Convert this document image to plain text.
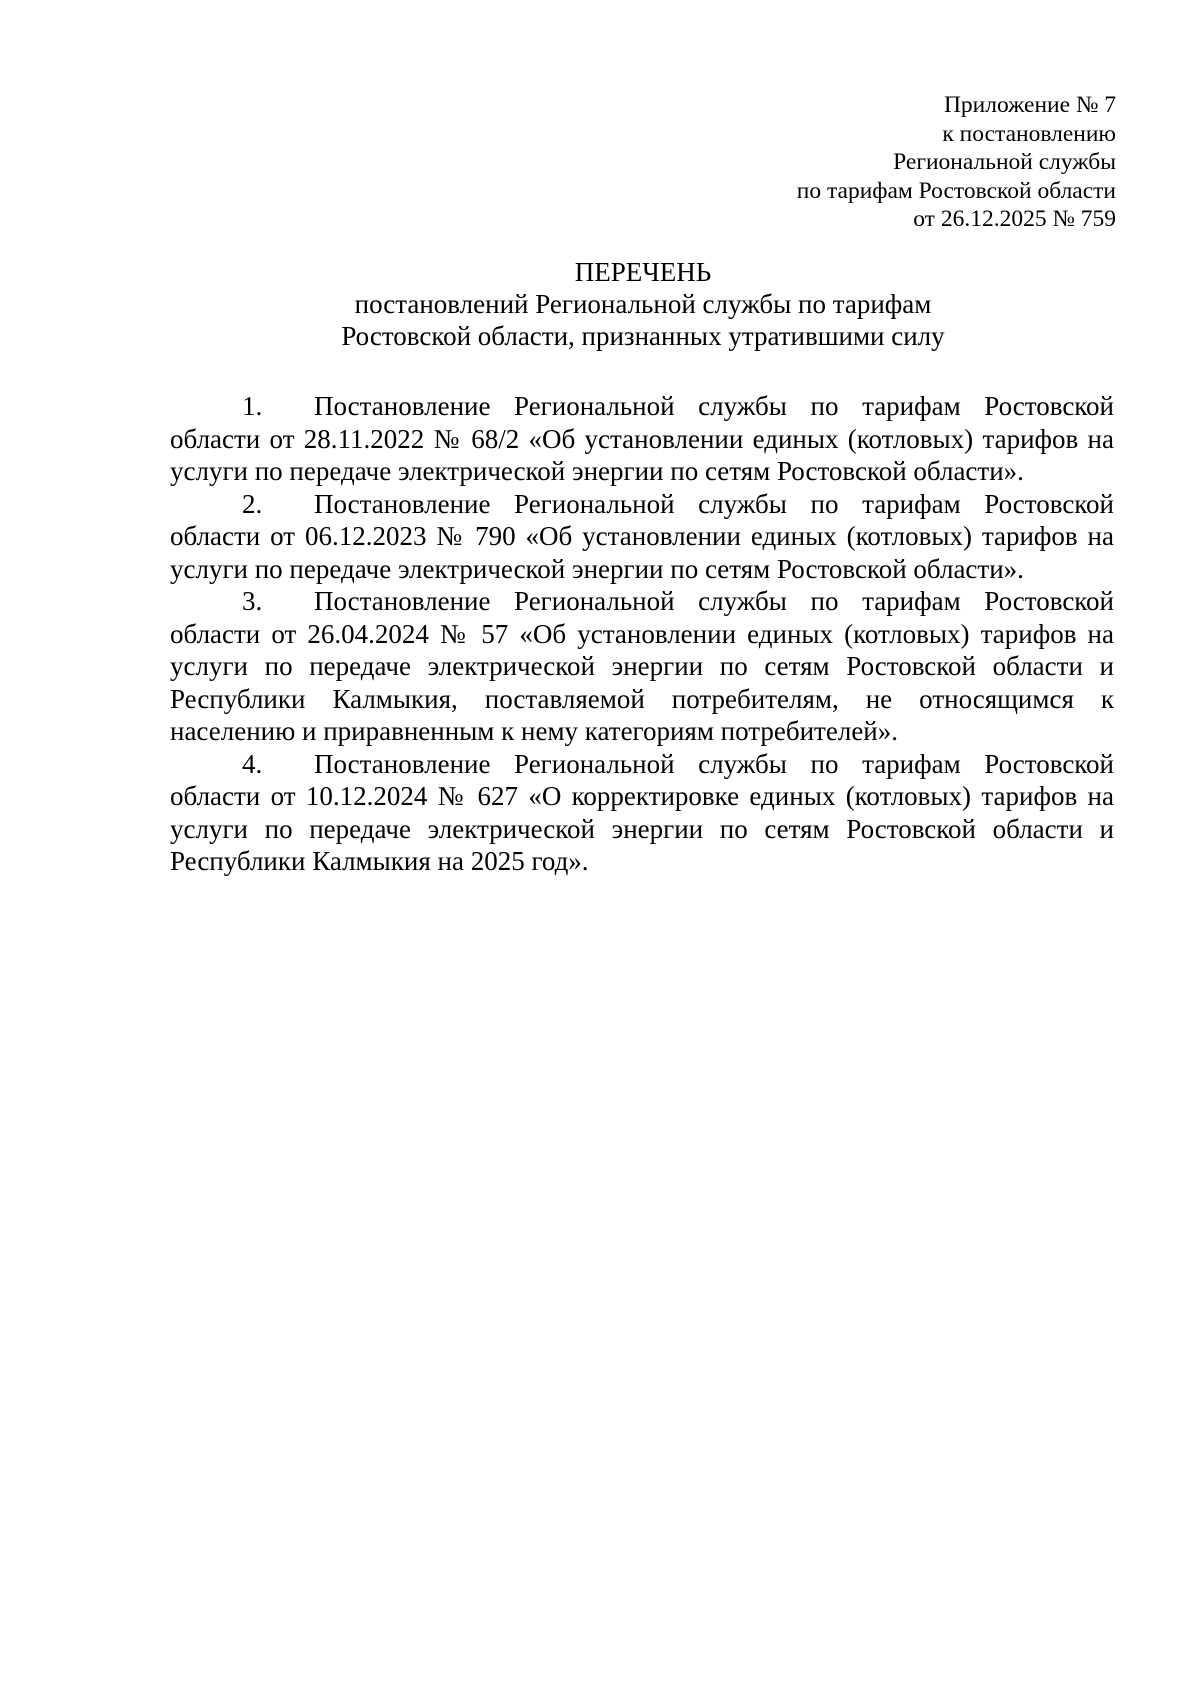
Приложение № 7
к постановлению
Региональной службы
по тарифам Ростовской области
от 26.12.2025 № 759
ПЕРЕЧЕНЬ
постановлений Региональной службы по тарифам
Ростовской области, признанных утратившими силу

1. Постановление Региональной службы по тарифам Ростовской области от 28.11.2022 № 68/2 «Об установлении единых (котловых) тарифов на услуги по передаче электрической энергии по сетям Ростовской области».

2. Постановление Региональной службы по тарифам Ростовской области от 06.12.2023 № 790 «Об установлении единых (котловых) тарифов на услуги по передаче электрической энергии по сетям Ростовской области».

3. Постановление Региональной службы по тарифам Ростовской области от 26.04.2024 № 57 «Об установлении единых (котловых) тарифов на услуги по передаче электрической энергии по сетям Ростовской области и Республики Калмыкия, поставляемой потребителям, не относящимся к населению и приравненным к нему категориям потребителей».

4. Постановление Региональной службы по тарифам Ростовской области от 10.12.2024 № 627 «О корректировке единых (котловых) тарифов на услуги по передаче электрической энергии по сетям Ростовской области и Республики Калмыкия на 2025 год».
